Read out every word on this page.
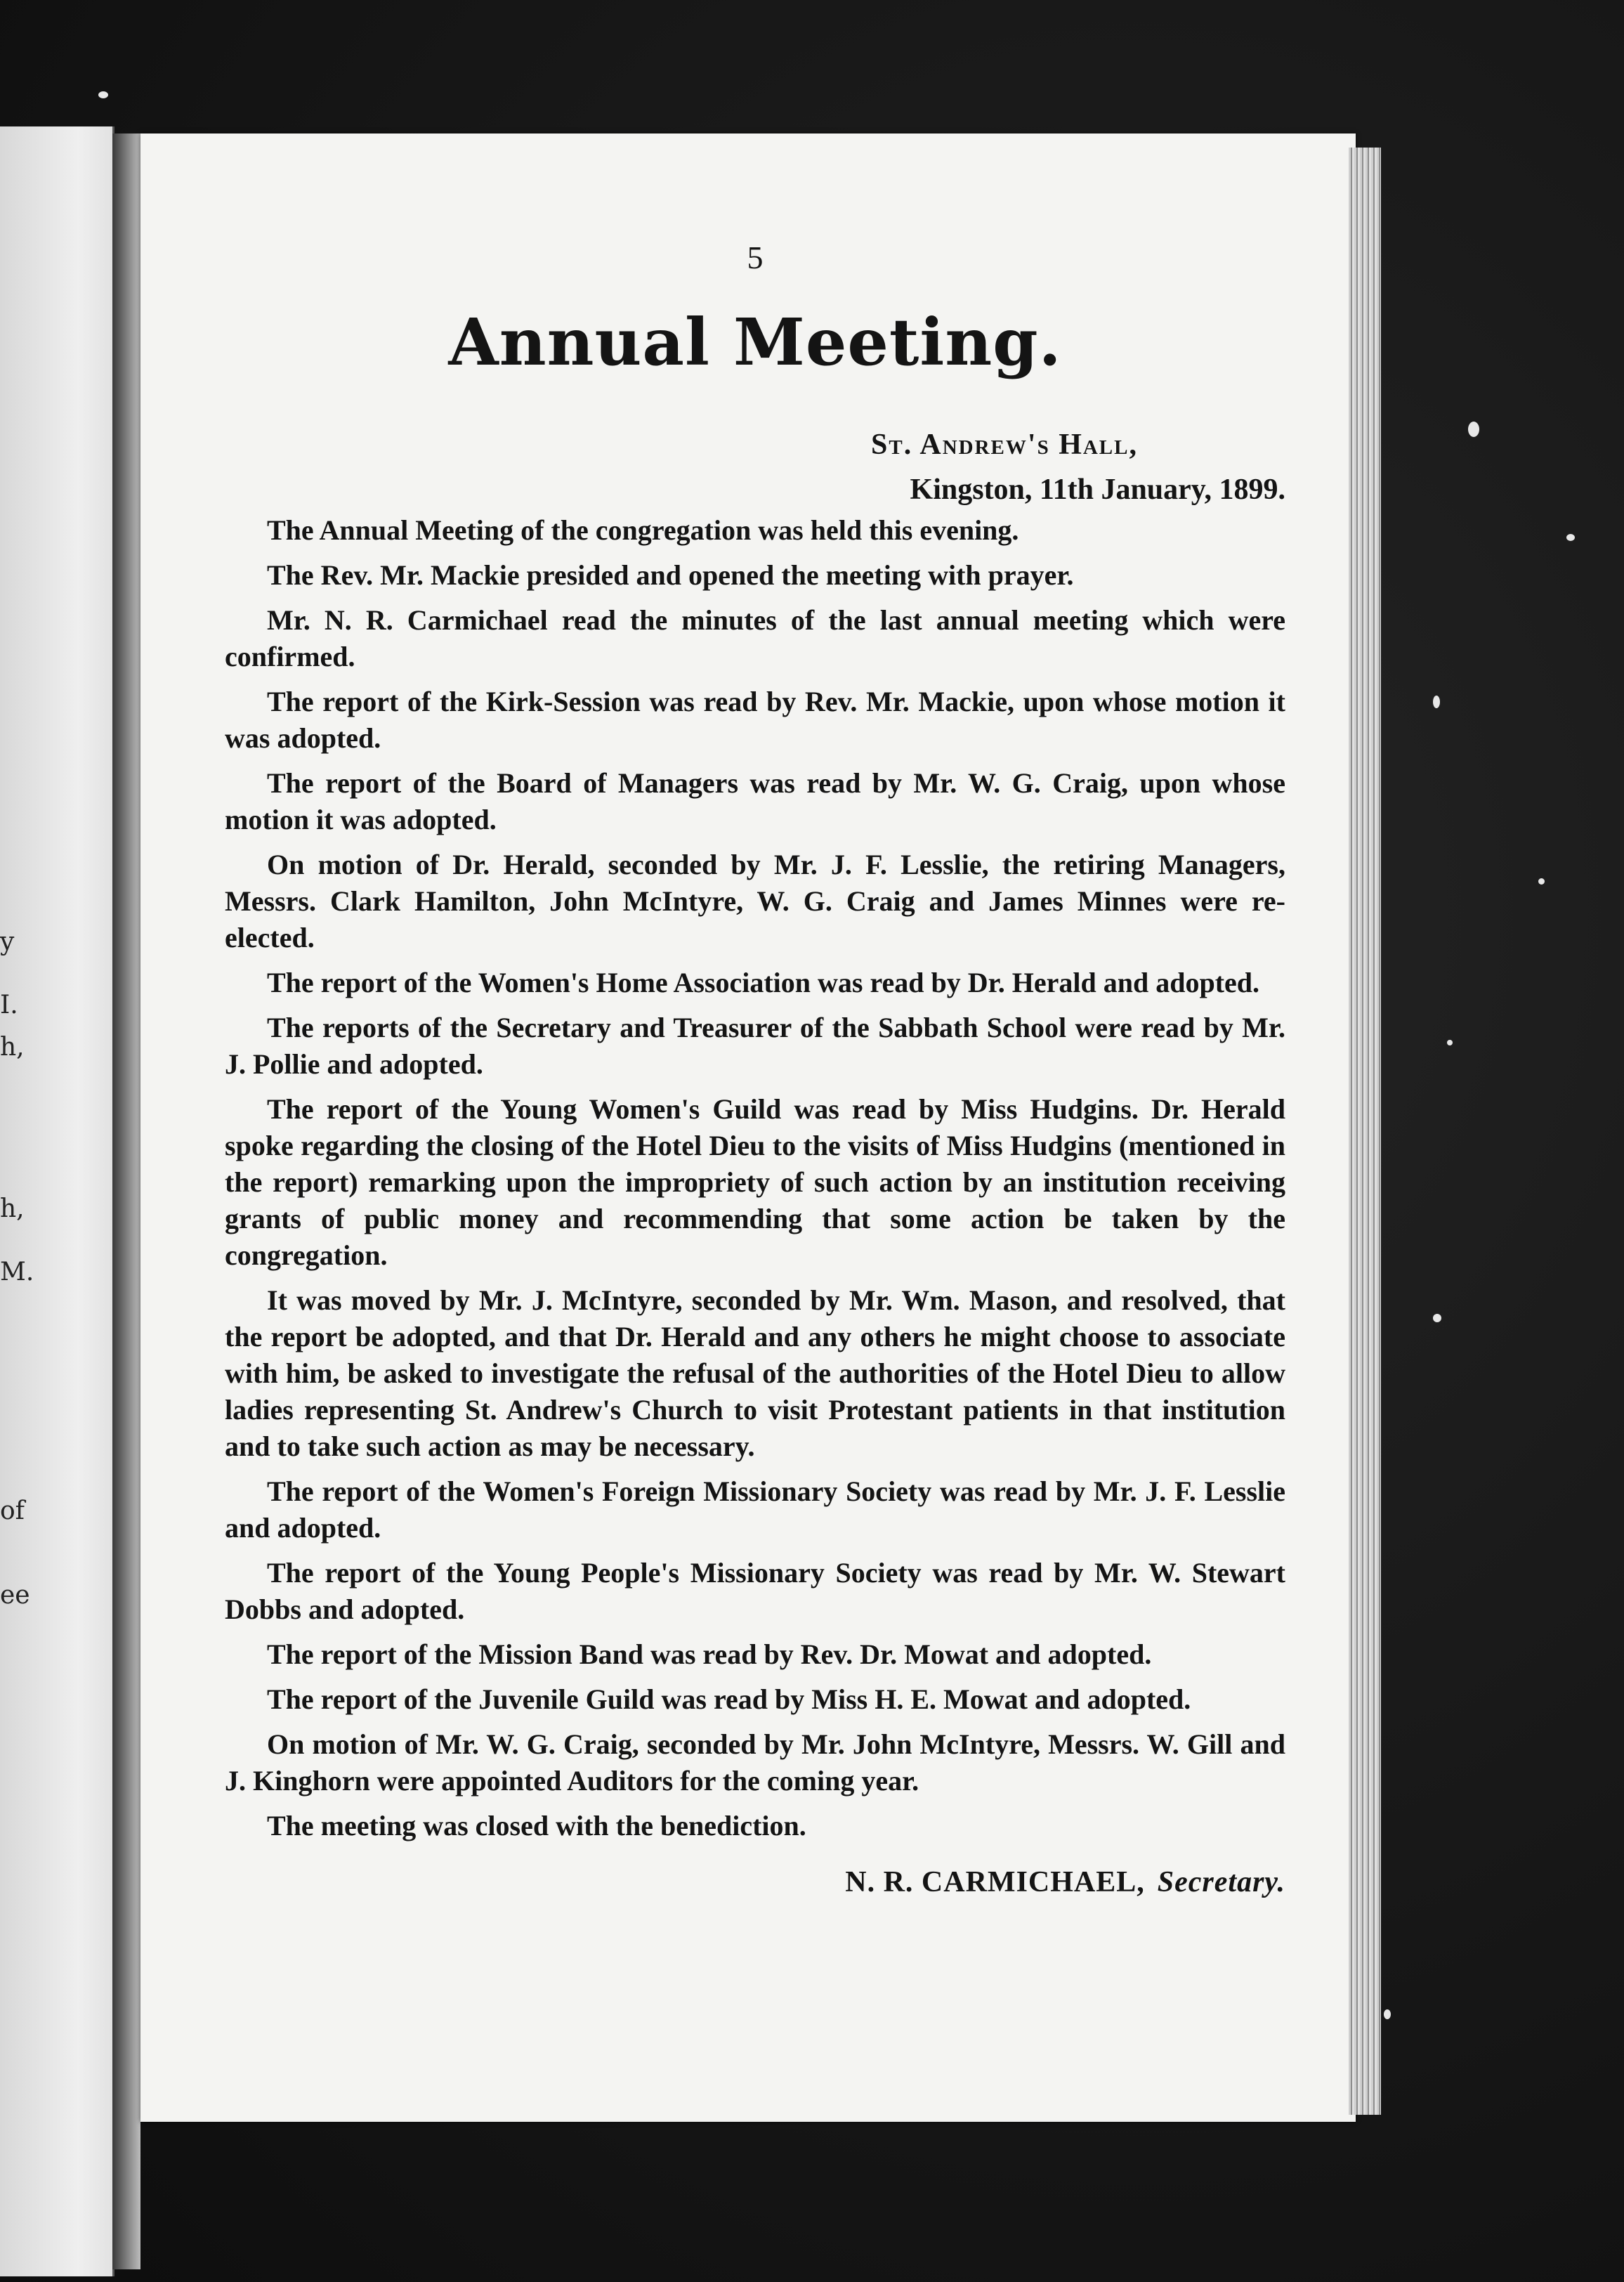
y
I.
h,
h,
M.
of
ee
5
Annual Meeting.
St. Andrew's Hall,
Kingston, 11th January, 1899.

The Annual Meeting of the congregation was held this evening.

The Rev. Mr. Mackie presided and opened the meeting with prayer.

Mr. N. R. Carmichael read the minutes of the last annual meeting which were confirmed.

The report of the Kirk-Session was read by Rev. Mr. Mackie, upon whose motion it was adopted.

The report of the Board of Managers was read by Mr. W. G. Craig, upon whose motion it was adopted.

On motion of Dr. Herald, seconded by Mr. J. F. Lesslie, the retiring Managers, Messrs. Clark Hamilton, John McIntyre, W. G. Craig and James Minnes were re-elected.

The report of the Women's Home Association was read by Dr. Herald and adopted.

The reports of the Secretary and Treasurer of the Sabbath School were read by Mr. J. Pollie and adopted.

The report of the Young Women's Guild was read by Miss Hudgins. Dr. Herald spoke regarding the closing of the Hotel Dieu to the visits of Miss Hudgins (mentioned in the report) remarking upon the impropriety of such action by an institution receiving grants of public money and recommending that some action be taken by the congregation.

It was moved by Mr. J. McIntyre, seconded by Mr. Wm. Mason, and resolved, that the report be adopted, and that Dr. Herald and any others he might choose to associate with him, be asked to investigate the refusal of the authorities of the Hotel Dieu to allow ladies representing St. Andrew's Church to visit Protestant patients in that institution and to take such action as may be necessary.

The report of the Women's Foreign Missionary Society was read by Mr. J. F. Lesslie and adopted.

The report of the Young People's Missionary Society was read by Mr. W. Stewart Dobbs and adopted.

The report of the Mission Band was read by Rev. Dr. Mowat and adopted.

The report of the Juvenile Guild was read by Miss H. E. Mowat and adopted.

On motion of Mr. W. G. Craig, seconded by Mr. John McIntyre, Messrs. W. Gill and J. Kinghorn were appointed Auditors for the coming year.

The meeting was closed with the benediction.

N. R. CARMICHAEL, Secretary.
